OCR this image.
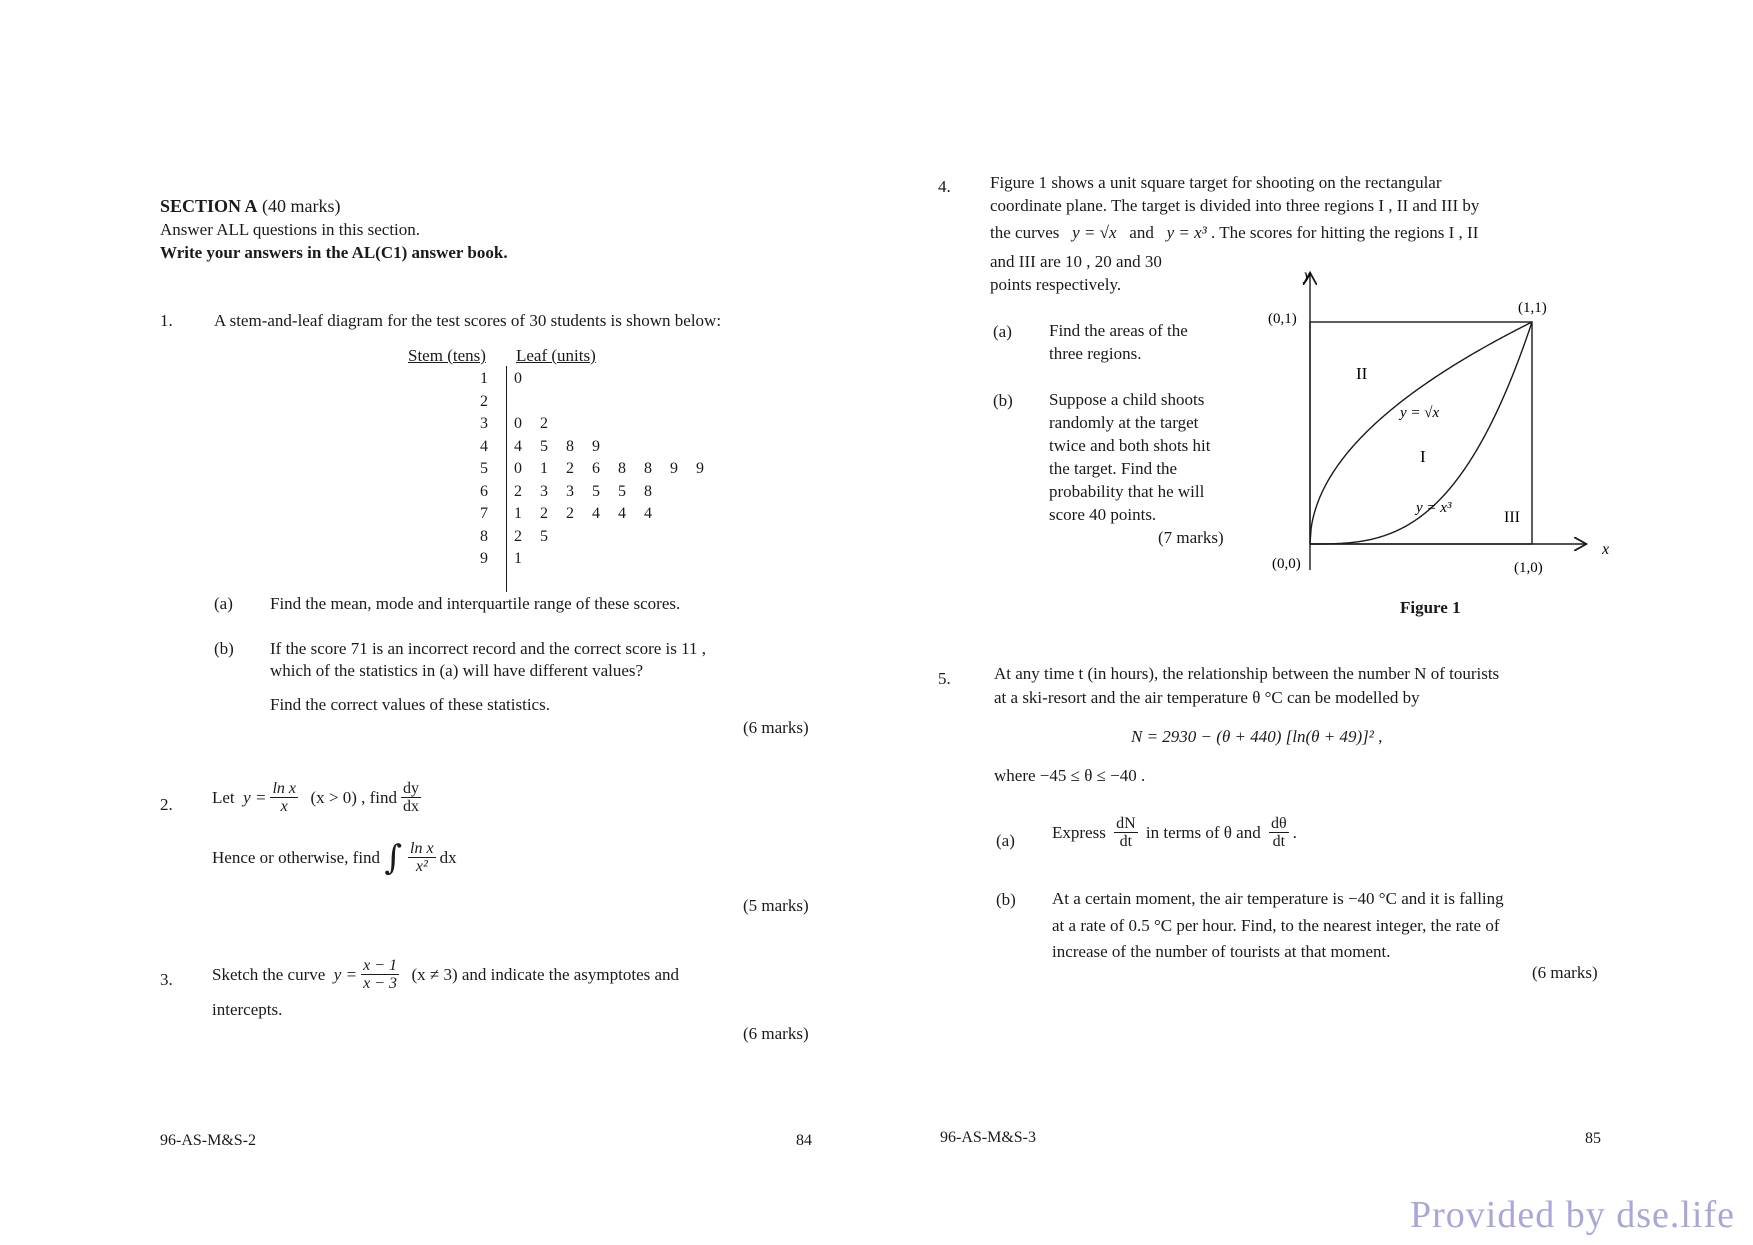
SECTION A (40 marks)
Answer ALL questions in this section.
Write your answers in the AL(C1) answer book.
1. A stem-and-leaf diagram for the test scores of 30 students is shown below:
Stem (tens) Leaf (units)
1 0
2
3 0 2
4 4 5 8 9
5 0 1 2 6 8 8 9 9
6 2 3 3 5 5 8
7 1 2 2 4 4 4
8 2 5
9 1
(a) Find the mean, mode and interquartile range of these scores.
(b) If the score 71 is an incorrect record and the correct score is 11 ,
which of the statistics in (a) will have different values?
Find the correct values of these statistics.
(6 marks)
2. Let
$y = \frac{\text{ln x}}{x}$
(x > 0) , find $\frac{dy}{dx}$
Hence or otherwise, find
∫ $\frac{\text{ln x}}{\text{x²}}$ dx
(5 marks)
3. Sketch the curve
$y = \frac{x - 1}{x - 3}$
(x ≠ 3) and indicate the asymptotes and
intercepts.
(6 marks)
96-AS-M&S-2	84
4. Figure 1 shows a unit square target for shooting on the rectangular
coordinate plane. The target is divided into three regions I , II and III by
the curves y = √x and y = x³ . The scores for hitting the regions I , II
and III are 10 , 20 and 30
points respectively.
(a) Find the areas of the
three regions.
(b) Suppose a child shoots
randomly at the target
twice and both shots hit
the target. Find the
probability that he will
score 40 points.
(7 marks)
y
x
(0,1)
(1,1)
(0,0)	(1,0)
II
I
III
y = √x
y = x³
Figure 1
5.	At any time t (in hours), the relationship between the number N of tourists
at a ski-resort and the air temperature θ °C can be modelled by
N = 2930 − (θ + 440) [ln(θ + 49)]² ,
where −45 ≤ θ ≤ −40 .
(a) Express
$\frac{dN}{dt}$
in terms of θ and
$\frac{d\theta}{dt}$ .
(b) At a certain moment, the air temperature is −40 °C and it is falling
at a rate of 0.5 °C per hour. Find, to the nearest integer, the rate of
increase of the number of tourists at that moment.
(6 marks)
96-AS-M&S-3	85
Provided by dse.life
